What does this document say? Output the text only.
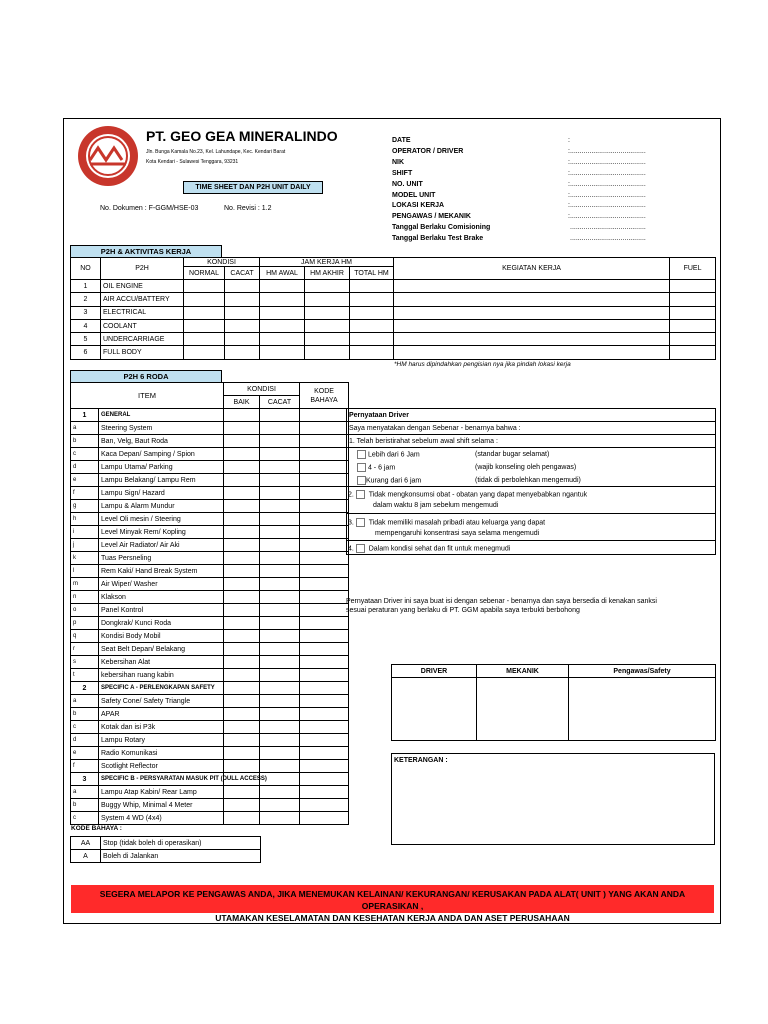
PT. GEO GEA MINERALINDO
Jln. Bunga Kamala No.23, Kel. Lahundape, Kec. Kendari Barat
Kota Kendari - Sulawesi Tenggara, 93231
TIME SHEET DAN P2H UNIT DAILY
No. Dokumen : F-GGM/HSE-03	No. Revisi : 1.2
DATE	:
OPERATOR / DRIVER	:.......................................
NIK	:.......................................
SHIFT	:.......................................
NO. UNIT	:.......................................
MODEL UNIT	:.......................................
LOKASI KERJA	:.......................................
PENGAWAS / MEKANIK	:.......................................
Tanggal Berlaku Comisioning	.......................................
Tanggal Berlaku Test Brake	.......................................
P2H & AKTIVITAS KERJA
NO	P2H	KONDISI		JAM KERJA HM			KEGIATAN KERJA	FUEL
		NORMAL	CACAT	HM AWAL	HM AKHIR	TOTAL HM		
1	OIL ENGINE							
2	AIR ACCU/BATTERY							
3	ELECTRICAL							
4	COOLANT							
5	UNDERCARRIAGE							
6	FULL BODY							
*HM harus dipindahkan pengisian nya jika pindah lokasi kerja
P2H 6 RODA
ITEM		KONDISI		KODE
BAHAYA
		BAIK	CACAT	
1	GENERAL			
a	Steering System			
b	Ban, Velg, Baut Roda			
c	Kaca Depan/ Samping / Spion			
d	Lampu Utama/ Parking			
e	Lampu Belakang/ Lampu Rem			
f	Lampu Sign/ Hazard			
g	Lampu & Alarm Mundur			
h	Level Oli mesin / Steering			
i	Level Minyak Rem/ Kopling			
j	Level Air Radiator/ Air Aki			
k	Tuas Persneling			
l	Rem Kaki/ Hand Break System			
m	Air Wiper/ Washer			
n	Klakson			
o	Panel Kontrol			
p	Dongkrak/ Kunci Roda			
q	Kondisi Body Mobil			
r	Seat Belt Depan/ Belakang			
s	Kebersihan Alat			
t	kebersihan ruang kabin			
2	SPECIFIC A - PERLENGKAPAN SAFETY			
a	Safety Cone/ Safety Triangle			
b	APAR			
c	Kotak dan isi P3k			
d	Lampu Rotary			
e	Radio Komunikasi			
f	Scotlight Reflector			
3	SPECIFIC B - PERSYARATAN MASUK PIT (DULL ACCESS)			
a	Lampu Atap Kabin/ Rear Lamp			
b	Buggy Whip, Minimal 4 Meter			
c	System 4 WD (4x4)			
KODE BAHAYA :
AA	Stop (tidak boleh di operasikan)
A	Boleh di Jalankan
Pernyataan Driver
Saya menyatakan dengan Sebenar - benarnya bahwa :
1. Telah beristirahat sebelum awal shift selama :

Lebih dari 6 Jam	(standar bugar selamat)
4 - 6 jam	(wajib konseling oleh pengawas)
Kurang dari 6 jam	(tidak di perbolehkan mengemudi)

2. Tidak mengkonsumsi obat - obatan yang dapat menyebabkan ngantuk
dalam waktu 8 jam sebelum mengemudi

3. Tidak memiliki masalah pribadi atau keluarga yang dapat
mempengaruhi konsentrasi saya selama mengemudi

4. Dalam kondisi sehat dan fit untuk menegmudi
Pernyataan Driver ini saya buat isi dengan sebenar - benarnya dan saya bersedia di kenakan sanksi
sesuai peraturan yang berlaku di PT. GGM apabila saya terbukti berbohong
DRIVER	MEKANIK	Pengawas/Safety

KETERANGAN :
SEGERA MELAPOR KE PENGAWAS ANDA, JIKA MENEMUKAN KELAINAN/ KEKURANGAN/ KERUSAKAN PADA ALAT( UNIT ) YANG AKAN ANDA OPERASIKAN ,
UTAMAKAN KESELAMATAN DAN KESEHATAN KERJA ANDA DAN ASET PERUSAHAAN
